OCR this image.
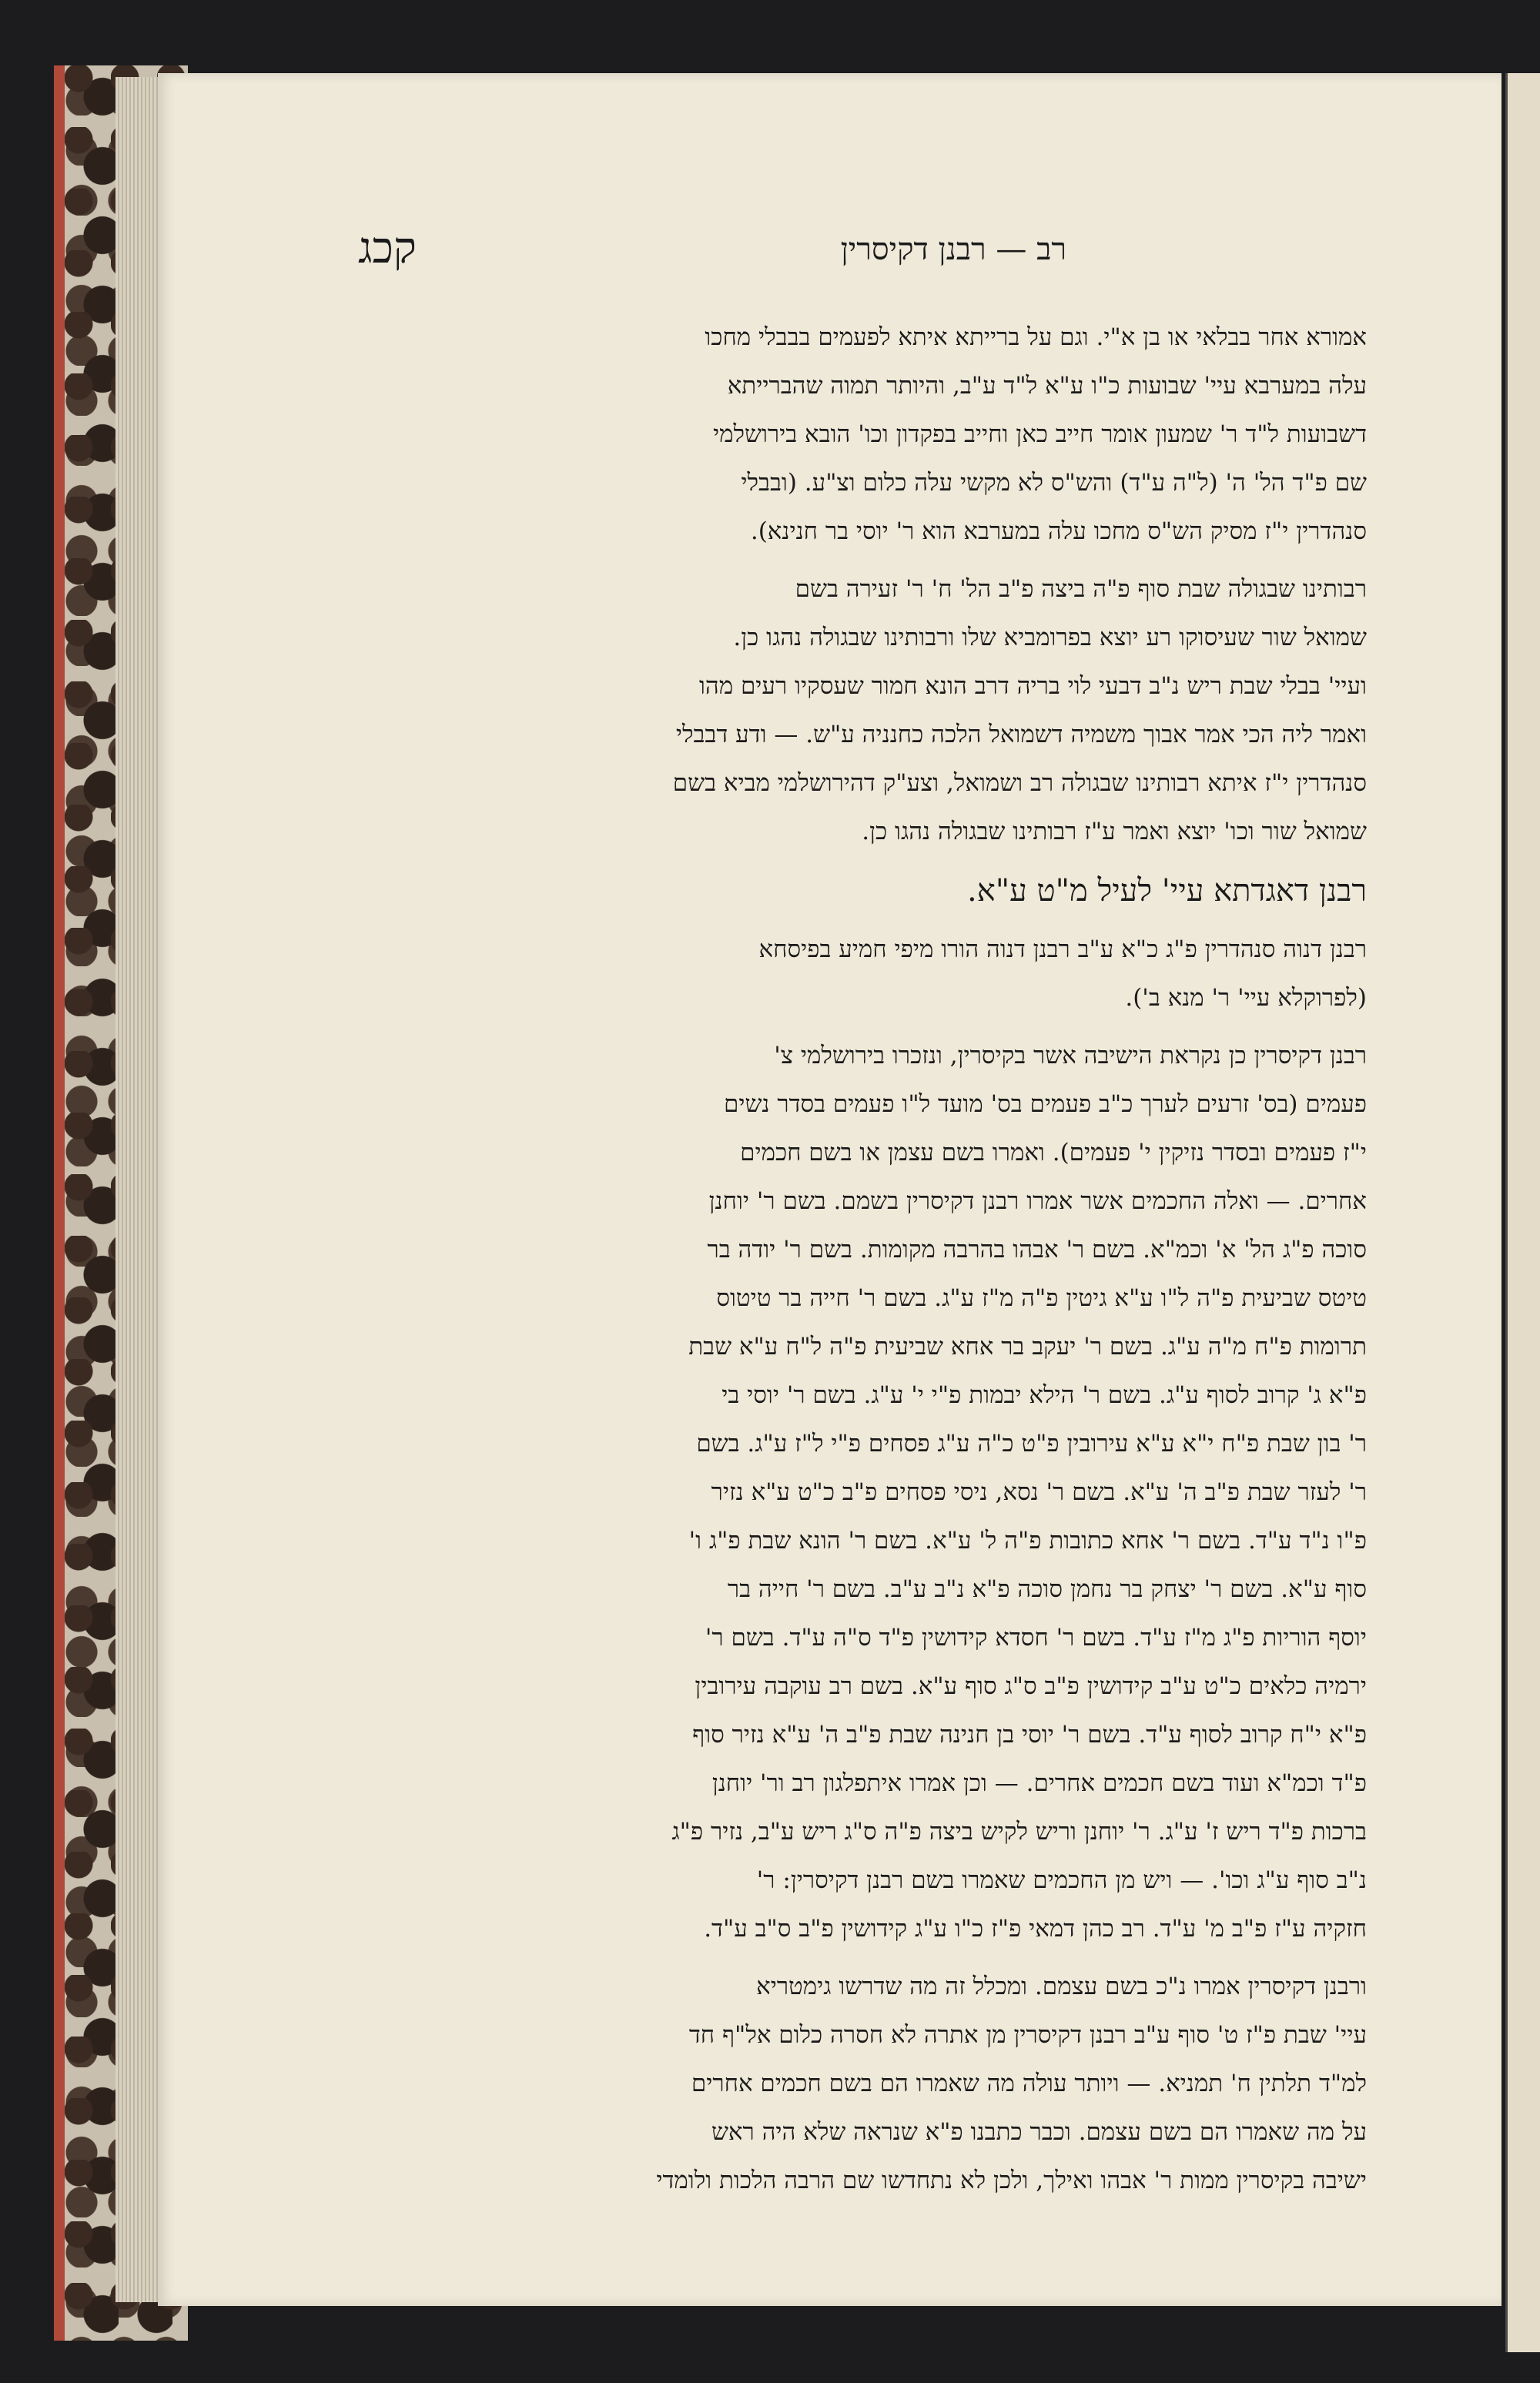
רב — רבנן דקיסרין
קכג
אמורא אחר בבלאי או בן א"י. וגם על ברייתא איתא לפעמים בבבלי מחכו
עלה במערבא עיי' שבועות כ"ו ע"א ל"ד ע"ב, והיותר תמוה שהברייתא
דשבועות ל"ד ר' שמעון אומר חייב כאן וחייב בפקדון וכו' הובא בירושלמי
שם פ"ד הל' ה' (ל"ה ע"ד) והש"ס לא מקשי עלה כלום וצ"ע. (ובבלי
סנהדרין י"ז מסיק הש"ס מחכו עלה במערבא הוא ר' יוסי בר חנינא).
רבותינו שבגולה שבת סוף פ"ה ביצה פ"ב הל' ח' ר' זעירה בשם
שמואל שור שעיסוקו רע יוצא בפרומביא שלו ורבותינו שבגולה נהגו כן.
ועיי' בבלי שבת ריש נ"ב דבעי לוי בריה דרב הונא חמור שעסקיו רעים מהו
ואמר ליה הכי אמר אבוך משמיה דשמואל הלכה כחנניה ע"ש. — ודע דבבלי
סנהדרין י"ז איתא רבותינו שבגולה רב ושמואל, וצע"ק דהירושלמי מביא בשם
שמואל שור וכו' יוצא ואמר ע"ז רבותינו שבגולה נהגו כן.
רבנן דאגדתא עיי' לעיל מ"ט ע"א.
רבנן דנוה סנהדרין פ"ג כ"א ע"ב רבנן דנוה הורו מיפי חמיע בפיסחא
(לפרוקלא עיי' ר' מנא ב').
רבנן דקיסרין כן נקראת הישיבה אשר בקיסרין, ונזכרו בירושלמי צ'
פעמים (בס' זרעים לערך כ"ב פעמים בס' מועד ל"ו פעמים בסדר נשים
י"ז פעמים ובסדר נזיקין י' פעמים). ואמרו בשם עצמן או בשם חכמים
אחרים. — ואלה החכמים אשר אמרו רבנן דקיסרין בשמם. בשם ר' יוחנן
סוכה פ"ג הל' א' וכמ"א. בשם ר' אבהו בהרבה מקומות. בשם ר' יודה בר
טיטס שביעית פ"ה ל"ו ע"א גיטין פ"ה מ"ז ע"ג. בשם ר' חייה בר טיטוס
תרומות פ"ח מ"ה ע"ג. בשם ר' יעקב בר אחא שביעית פ"ה ל"ח ע"א שבת
פ"א ג' קרוב לסוף ע"ג. בשם ר' הילא יבמות פ"י י' ע"ג. בשם ר' יוסי בי
ר' בון שבת פ"ח י"א ע"א עירובין פ"ט כ"ה ע"ג פסחים פ"י ל"ז ע"ג. בשם
ר' לעזר שבת פ"ב ה' ע"א. בשם ר' נסא, ניסי פסחים פ"ב כ"ט ע"א נזיר
פ"ו נ"ד ע"ד. בשם ר' אחא כתובות פ"ה ל' ע"א. בשם ר' הונא שבת פ"ג ו'
סוף ע"א. בשם ר' יצחק בר נחמן סוכה פ"א נ"ב ע"ב. בשם ר' חייה בר
יוסף הוריות פ"ג מ"ז ע"ד. בשם ר' חסדא קידושין פ"ד ס"ה ע"ד. בשם ר'
ירמיה כלאים כ"ט ע"ב קידושין פ"ב ס"ג סוף ע"א. בשם רב עוקבה עירובין
פ"א י"ח קרוב לסוף ע"ד. בשם ר' יוסי בן חנינה שבת פ"ב ה' ע"א נזיר סוף
פ"ד וכמ"א ועוד בשם חכמים אחרים. — וכן אמרו איתפלגון רב ור' יוחנן
ברכות פ"ד ריש ז' ע"ג. ר' יוחנן וריש לקיש ביצה פ"ה ס"ג ריש ע"ב, נזיר פ"ג
נ"ב סוף ע"ג וכו'. — ויש מן החכמים שאמרו בשם רבנן דקיסרין: ר'
חזקיה ע"ז פ"ב מ' ע"ד. רב כהן דמאי פ"ז כ"ו ע"ג קידושין פ"ב ס"ב ע"ד.
ורבנן דקיסרין אמרו נ"כ בשם עצמם. ומכלל זה מה שדרשו גימטריא
עיי' שבת פ"ז ט' סוף ע"ב רבנן דקיסרין מן אתרה לא חסרה כלום אל"ף חד
למ"ד תלתין ח' תמניא. — ויותר עולה מה שאמרו הם בשם חכמים אחרים
על מה שאמרו הם בשם עצמם. וכבר כתבנו פ"א שנראה שלא היה ראש
ישיבה בקיסרין ממות ר' אבהו ואילך, ולכן לא נתחדשו שם הרבה הלכות ולומדי
